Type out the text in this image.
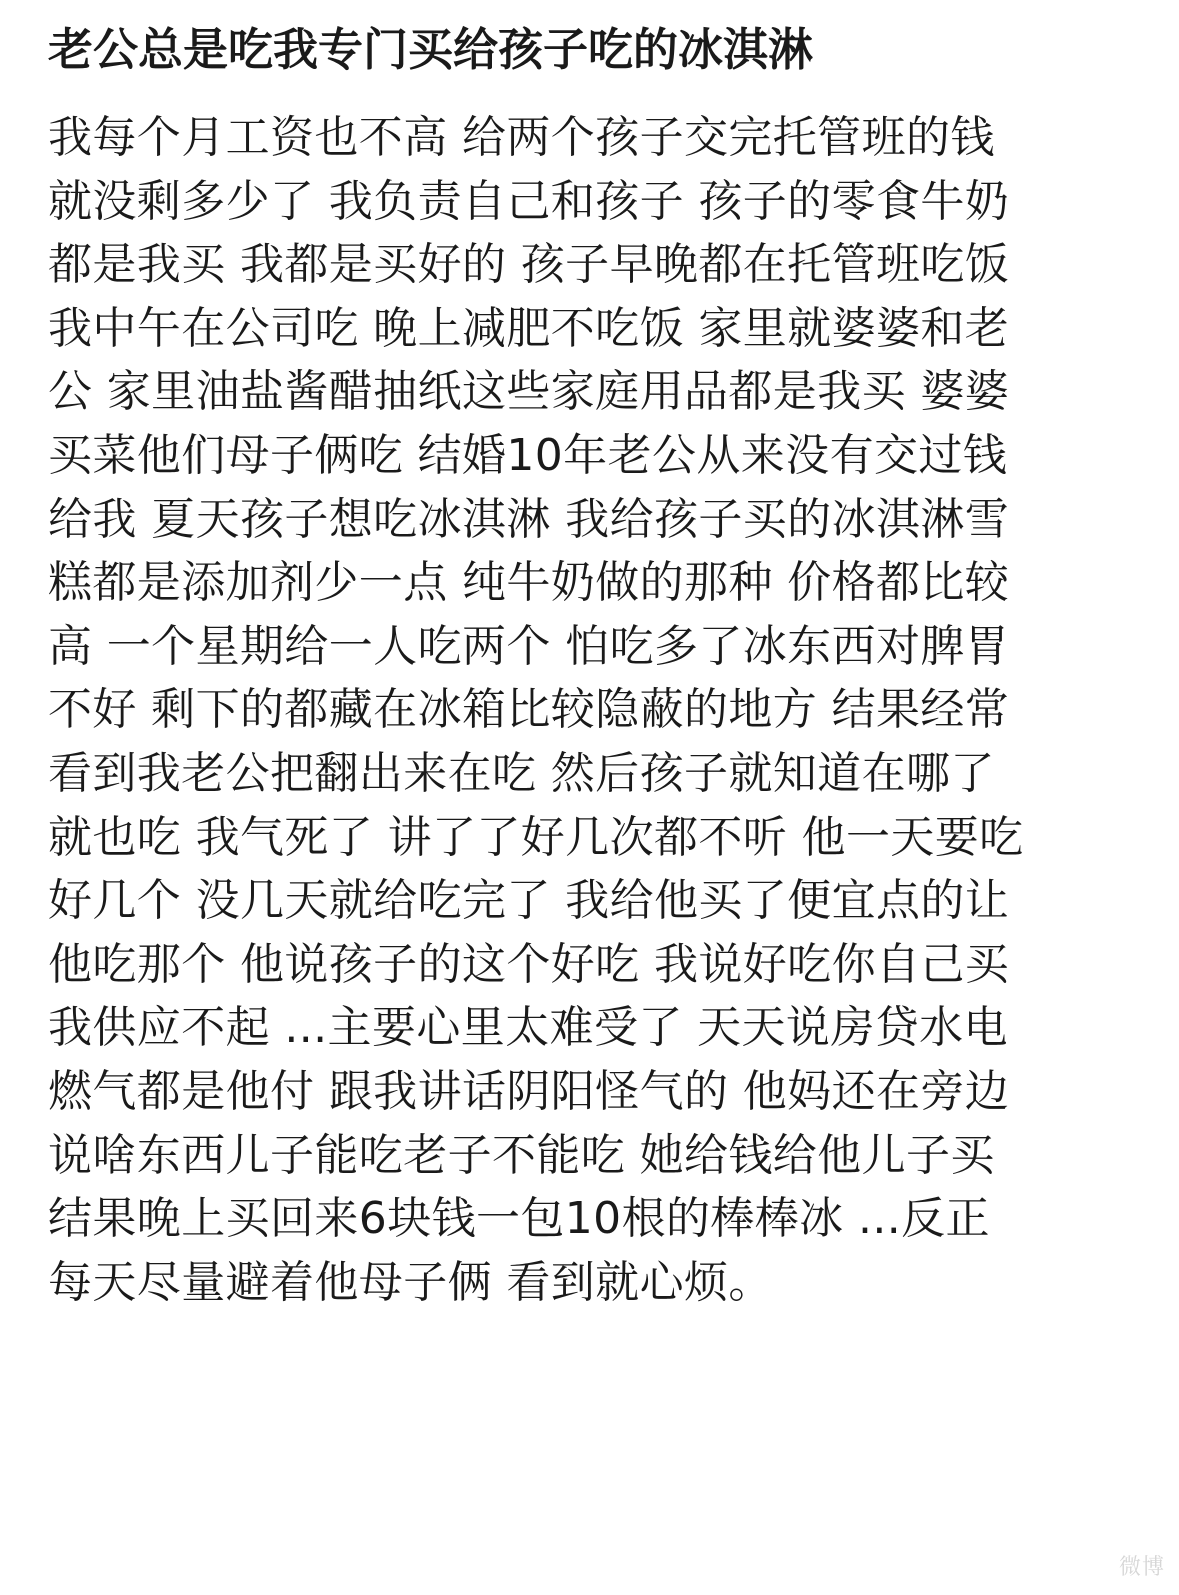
老公总是吃我专门买给孩子吃的冰淇淋
我每个月工资也不高 给两个孩子交完托管班的钱
就没剩多少了 我负责自己和孩子 孩子的零食牛奶
都是我买 我都是买好的 孩子早晚都在托管班吃饭
我中午在公司吃 晚上减肥不吃饭 家里就婆婆和老
公 家里油盐酱醋抽纸这些家庭用品都是我买 婆婆
买菜他们母子俩吃 结婚10年老公从来没有交过钱
给我 夏天孩子想吃冰淇淋 我给孩子买的冰淇淋雪
糕都是添加剂少一点 纯牛奶做的那种 价格都比较
高 一个星期给一人吃两个 怕吃多了冰东西对脾胃
不好 剩下的都藏在冰箱比较隐蔽的地方 结果经常
看到我老公把翻出来在吃 然后孩子就知道在哪了
就也吃 我气死了 讲了了好几次都不听 他一天要吃
好几个 没几天就给吃完了 我给他买了便宜点的让
他吃那个 他说孩子的这个好吃 我说好吃你自己买
我供应不起 ...主要心里太难受了 天天说房贷水电
燃气都是他付 跟我讲话阴阳怪气的 他妈还在旁边
说啥东西儿子能吃老子不能吃 她给钱给他儿子买
结果晚上买回来6块钱一包10根的棒棒冰 ...反正
每天尽量避着他母子俩 看到就心烦。
微博
